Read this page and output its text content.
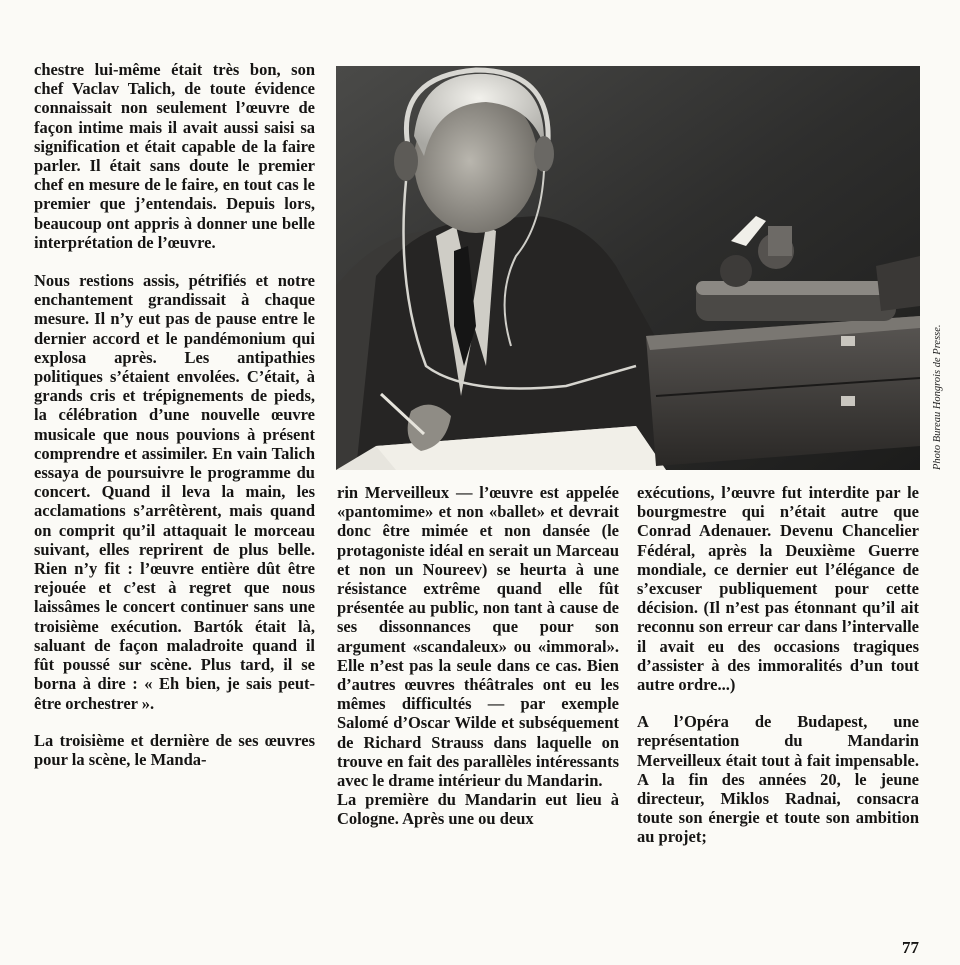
chestre lui-même était très bon, son chef Vaclav Talich, de toute évidence connaissait non seulement l’œuvre de façon intime mais il avait aussi saisi sa signification et était capable de la faire parler. Il était sans doute le premier chef en mesure de le faire, en tout cas le premier que j’entendais. Depuis lors, beaucoup ont appris à donner une belle interprétation de l’œuvre.

Nous restions assis, pétrifiés et notre enchantement grandissait à chaque mesure. Il n’y eut pas de pause entre le dernier accord et le pandémonium qui explosa après. Les antipathies politiques s’étaient envolées. C’était, à grands cris et trépignements de pieds, la célébration d’une nouvelle œuvre musicale que nous pouvions à présent comprendre et assimiler. En vain Talich essaya de poursuivre le programme du concert. Quand il leva la main, les acclamations s’arrêtèrent, mais quand on comprit qu’il attaquait le morceau suivant, elles reprirent de plus belle. Rien n’y fit : l’œuvre entière dût être rejouée et c’est à regret que nous laissâmes le concert continuer sans une troisième exécution. Bartók était là, saluant de façon maladroite quand il fût poussé sur scène. Plus tard, il se borna à dire : « Eh bien, je sais peut-être orchestrer ».

La troisième et dernière de ses œuvres pour la scène, le Manda-

Photo Bureau Hongrois de Presse.

rin Merveilleux — l’œuvre est appelée «pantomime» et non «ballet» et devrait donc être mimée et non dansée (le protagoniste idéal en serait un Marceau et non un Noureev) se heurta à une résistance extrême quand elle fût présentée au public, non tant à cause de ses dissonnances que pour son argument «scandaleux» ou «immoral». Elle n’est pas la seule dans ce cas. Bien d’autres œuvres théâtrales ont eu les mêmes difficultés — par exemple Salomé d’Oscar Wilde et subséquement de Richard Strauss dans laquelle on trouve en fait des parallèles intéressants avec le drame intérieur du Mandarin.

La première du Mandarin eut lieu à Cologne. Après une ou deux

exécutions, l’œuvre fut interdite par le bourgmestre qui n’était autre que Conrad Adenauer. Devenu Chancelier Fédéral, après la Deuxième Guerre mondiale, ce dernier eut l’élégance de s’excuser publiquement pour cette décision. (Il n’est pas étonnant qu’il ait reconnu son erreur car dans l’intervalle il avait eu des occasions tragiques d’assister à des immoralités d’un tout autre ordre...)

A l’Opéra de Budapest, une représentation du Mandarin Merveilleux était tout à fait impensable. A la fin des années 20, le jeune directeur, Miklos Radnai, consacra toute son énergie et toute son ambition au projet;

77
